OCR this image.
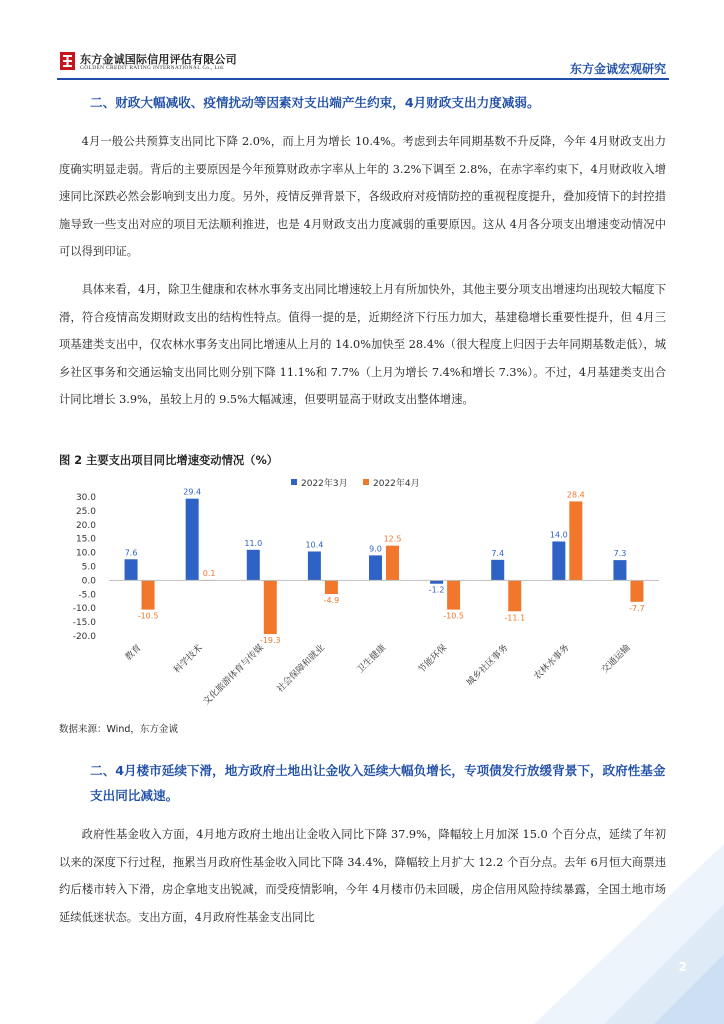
东方金诚国际信用评估有限公司
GOLDEN CREDIT RATING INTERNATIONAL Co., Ltd.	东方金诚宏观研究
二、财政大幅减收、疫情扰动等因素对支出端产生约束，4月财政支出力度减弱。

4月一般公共预算支出同比下降 2.0%，而上月为增长 10.4%。考虑到去年同期基数不升反降，今年 4月财政支出力度确实明显走弱。背后的主要原因是今年预算财政赤字率从上年的 3.2%下调至 2.8%，在赤字率约束下，4月财政收入增速同比深跌必然会影响到支出力度。另外，疫情反弹背景下，各级政府对疫情防控的重视程度提升，叠加疫情下的封控措施导致一些支出对应的项目无法顺利推进，也是 4月财政支出力度减弱的重要原因。这从 4月各分项支出增速变动情况中可以得到印证。

具体来看，4月，除卫生健康和农林水事务支出同比增速较上月有所加快外，其他主要分项支出增速均出现较大幅度下滑，符合疫情高发期财政支出的结构性特点。值得一提的是，近期经济下行压力加大，基建稳增长重要性提升，但 4月三项基建类支出中，仅农林水事务支出同比增速从上月的 14.0%加快至 28.4%（很大程度上归因于去年同期基数走低），城乡社区事务和交通运输支出同比则分别下降 11.1%和 7.7%（上月为增长 7.4%和增长 7.3%）。不过，4月基建类支出合计同比增长 3.9%，虽较上月的 9.5%大幅减速，但要明显高于财政支出整体增速。

图 2 主要支出项目同比增速变动情况（%）
2022年3月	2022年4月
30.0
25.0
20.0
15.0
10.0
5.0
0.0
-5.0
-10.0
-15.0
-20.0
7.6
-10.5
29.4
0.1
11.0
-19.3
10.4
-4.9
9.0
12.5
-1.2
-10.5
7.4
-11.1
14.0
28.4
7.3
-7.7
教育	科学技术
文化旅游体育与传媒 社会保障和就业	卫生健康	节能环保 城乡社区事务 农林水事务	交通运输
数据来源：Wind，东方金诚
二、4月楼市延续下滑，地方政府土地出让金收入延续大幅负增长，专项债发行放缓背景下，政府性基金支出同比减速。

政府性基金收入方面，4月地方政府土地出让金收入同比下降 37.9%，降幅较上月加深 15.0 个百分点，延续了年初以来的深度下行过程，拖累当月政府性基金收入同比下降 34.4%，降幅较上月扩大 12.2 个百分点。去年 6月恒大商票违约后楼市转入下滑，房企拿地支出锐减，而受疫情影响，今年 4月楼市仍未回暖，房企信用风险持续暴露，全国土地市场延续低迷状态。支出方面，4月政府性基金支出同比

2
